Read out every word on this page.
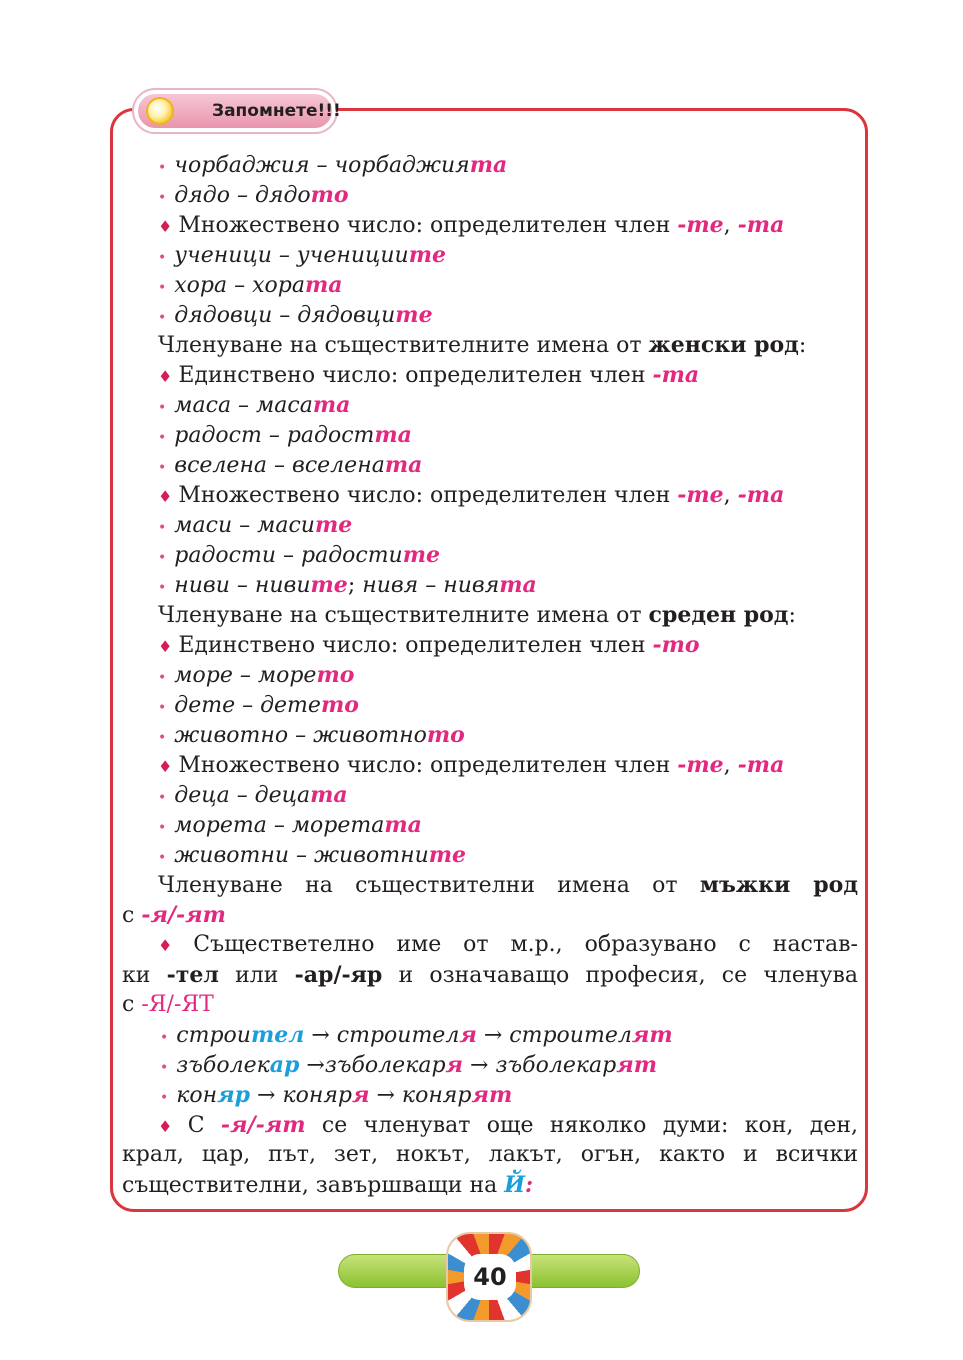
Запомнете!!!
• чорбаджия – чорбаджията
• дядо – дядото
♦ Множествено число: определителен член -те, -та
• ученици – ученициите
• хора – хората
• дядовци – дядовците
Членуване на съществителните имена от женски род:
♦ Единствено число: определителен член -та
• маса – масата
• радост – радостта
• вселена – вселената
♦ Множествено число: определителен член -те, -та
• маси – масите
• радости – радостите
• ниви – нивите; нивя – нивята
Членуване на съществителните имена от среден род:
♦ Единствено число: определителен член -то
• море – морето
• дете – детето
• животно – животното
♦ Множествено число: определителен член -те, -та
• деца – децата
• морета – моретата
• животни – животните
Членуване на съществителни имена от мъжки род
с -я/-ят
♦ Съществетелно име от м.р., образувано с настав-
ки -тел или -ар/-яр и означаващо професия, се членува
с -Я/-ЯТ
• строител → строителя → строителят
• зъболекар →зъболекаря → зъболекарят
• коняр → коняря → конярят
♦ С -я/-ят се членуват още няколко думи: кон, ден,
крал, цар, път, зет, нокът, лакът, огън, както и всички
съществителни, завършващи на Й:
40
